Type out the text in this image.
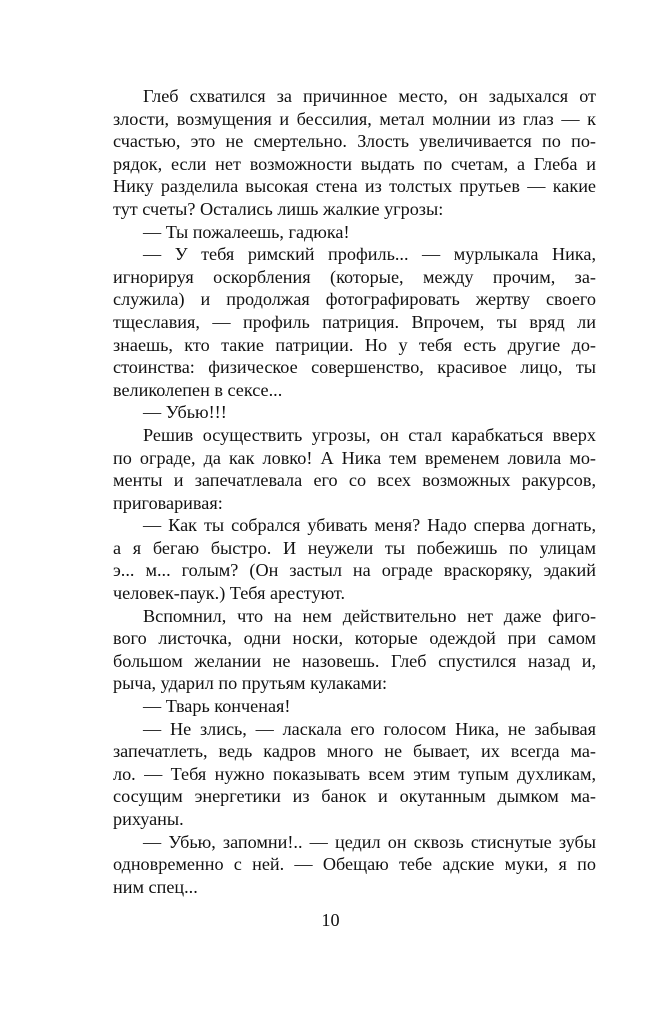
Глеб схватился за причинное место, он задыхался от
злости, возмущения и бессилия, метал молнии из глаз — к
счастью, это не смертельно. Злость увеличивается по по-
рядок, если нет возможности выдать по счетам, а Глеба и
Нику разделила высокая стена из толстых прутьев — какие
тут счеты? Остались лишь жалкие угрозы:
— Ты пожалеешь, гадюка!
— У тебя римский профиль... — мурлыкала Ника,
игнорируя оскорбления (которые, между прочим, за-
служила) и продолжая фотографировать жертву своего
тщеславия, — профиль патриция. Впрочем, ты вряд ли
знаешь, кто такие патриции. Но у тебя есть другие до-
стоинства: физическое совершенство, красивое лицо, ты
великолепен в сексе...
— Убью!!!
Решив осуществить угрозы, он стал карабкаться вверх
по ограде, да как ловко! А Ника тем временем ловила мо-
менты и запечатлевала его со всех возможных ракурсов,
приговаривая:
— Как ты собрался убивать меня? Надо сперва догнать,
а я бегаю быстро. И неужели ты побежишь по улицам
э... м... голым? (Он застыл на ограде враскоряку, эдакий
человек-паук.) Тебя арестуют.
Вспомнил, что на нем действительно нет даже фиго-
вого листочка, одни носки, которые одеждой при самом
большом желании не назовешь. Глеб спустился назад и,
рыча, ударил по прутьям кулаками:
— Тварь конченая!
— Не злись, — ласкала его голосом Ника, не забывая
запечатлеть, ведь кадров много не бывает, их всегда ма-
ло. — Тебя нужно показывать всем этим тупым духликам,
сосущим энергетики из банок и окутанным дымком ма-
рихуаны.
— Убью, запомни!.. — цедил он сквозь стиснутые зубы
одновременно с ней. — Обещаю тебе адские муки, я по
ним спец...
10
